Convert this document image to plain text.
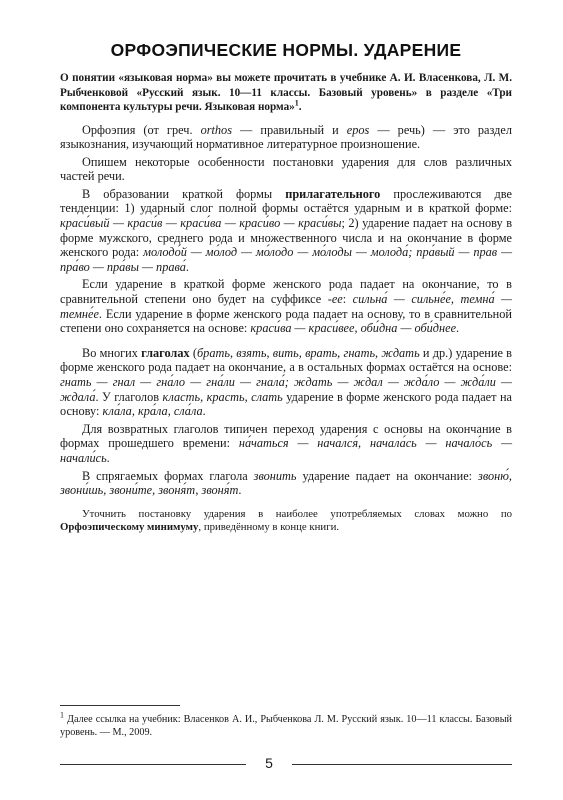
ОРФОЭПИЧЕСКИЕ НОРМЫ. УДАРЕНИЕ

О понятии «языковая норма» вы можете прочитать в учебнике А. И. Власенкова, Л. М. Рыбченковой «Русский язык. 10—11 классы. Базовый уровень» в разделе «Три компонента культуры речи. Языковая норма»$^1$.

Орфоэпия (от греч. orthos — правильный и epos — речь) — это раздел языкознания, изучающий нормативное литературное произношение.

Опишем некоторые особенности постановки ударения для слов различных частей речи.

В образовании краткой формы прилагательного прослеживаются две тенденции: 1) ударный слог полной формы остаётся ударным и в краткой форме: краси́вый — краси́в — краси́ва — краси́во — краси́вы; 2) ударение падает на основу в форме мужского, среднего рода и множественного числа и на окончание в форме женского рода: молодо́й — мо́лод — мо́лодо — мо́лоды — молода́; пра́вый — прав — пра́во — пра́вы — права́.

Если ударение в краткой форме женского рода падает на окончание, то в сравнительной степени оно будет на суффиксе -ее: сильна́ — сильне́е, темна́ — темне́е. Если ударение в форме женского рода падает на основу, то в сравнительной степени оно сохраняется на основе: краси́ва — краси́вее, оби́дна — оби́днее.

Во многих глаголах (брать, взять, вить, врать, гнать, ждать и др.) ударение в форме женского рода падает на окончание, а в остальных формах остаётся на основе: гнать — гнал — гна́ло — гна́ли — гнала́; ждать — ждал — жда́ло — жда́ли — ждала́. У глаголов класть, красть, слать ударение в форме женского рода падает на основу: кла́ла, кра́ла, сла́ла.

Для возвратных глаголов типичен переход ударения с основы на окончание в формах прошедшего времени: на́чаться — начался́, начала́сь — начало́сь — начали́сь.

В спрягаемых формах глагола звонить ударение падает на окончание: звоню́, звони́шь, звони́те, звоня́т, звоня́т.

Уточнить постановку ударения в наиболее употребляемых словах можно по Орфоэпическому минимуму, приведённому в конце книги.

$^1$ Далее ссылка на учебник: Власенков А. И., Рыбченкова Л. М. Русский язык. 10—11 классы. Базовый уровень. — М., 2009.
5
